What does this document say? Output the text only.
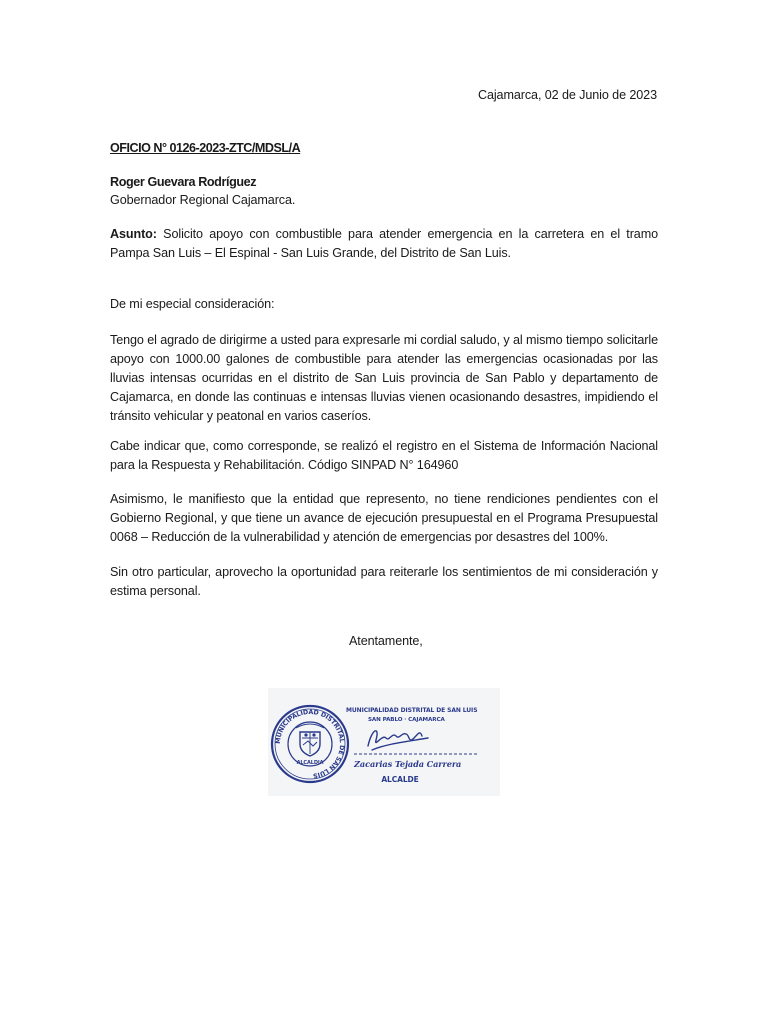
Cajamarca, 02 de Junio de 2023
OFICIO N° 0126-2023-ZTC/MDSL/A
Roger Guevara Rodríguez
Gobernador Regional Cajamarca.
Asunto: Solicito apoyo con combustible para atender emergencia en la carretera en el tramo Pampa San Luis – El Espinal - San Luis Grande, del Distrito de San Luis.

De mi especial consideración:

Tengo el agrado de dirigirme a usted para expresarle mi cordial saludo, y al mismo tiempo solicitarle apoyo con 1000.00 galones de combustible para atender las emergencias ocasionadas por las lluvias intensas ocurridas en el distrito de San Luis provincia de San Pablo y departamento de Cajamarca, en donde las continuas e intensas lluvias vienen ocasionando desastres, impidiendo el tránsito vehicular y peatonal en varios caseríos.

Cabe indicar que, como corresponde, se realizó el registro en el Sistema de Información Nacional para la Respuesta y Rehabilitación. Código SINPAD N° 164960

Asimismo, le manifiesto que la entidad que represento, no tiene rendiciones pendientes con el Gobierno Regional, y que tiene un avance de ejecución presupuestal en el Programa Presupuestal 0068 – Reducción de la vulnerabilidad y atención de emergencias por desastres del 100%.

Sin otro particular, aprovecho la oportunidad para reiterarle los sentimientos de mi consideración y estima personal.

Atentamente,
MUNICIPALIDAD DISTRITAL DE SAN LUIS
ALCALDIA
MUNICIPALIDAD DISTRITAL DE SAN LUIS
SAN PABLO · CAJAMARCA
Zacarias Tejada Carrera
ALCALDE
